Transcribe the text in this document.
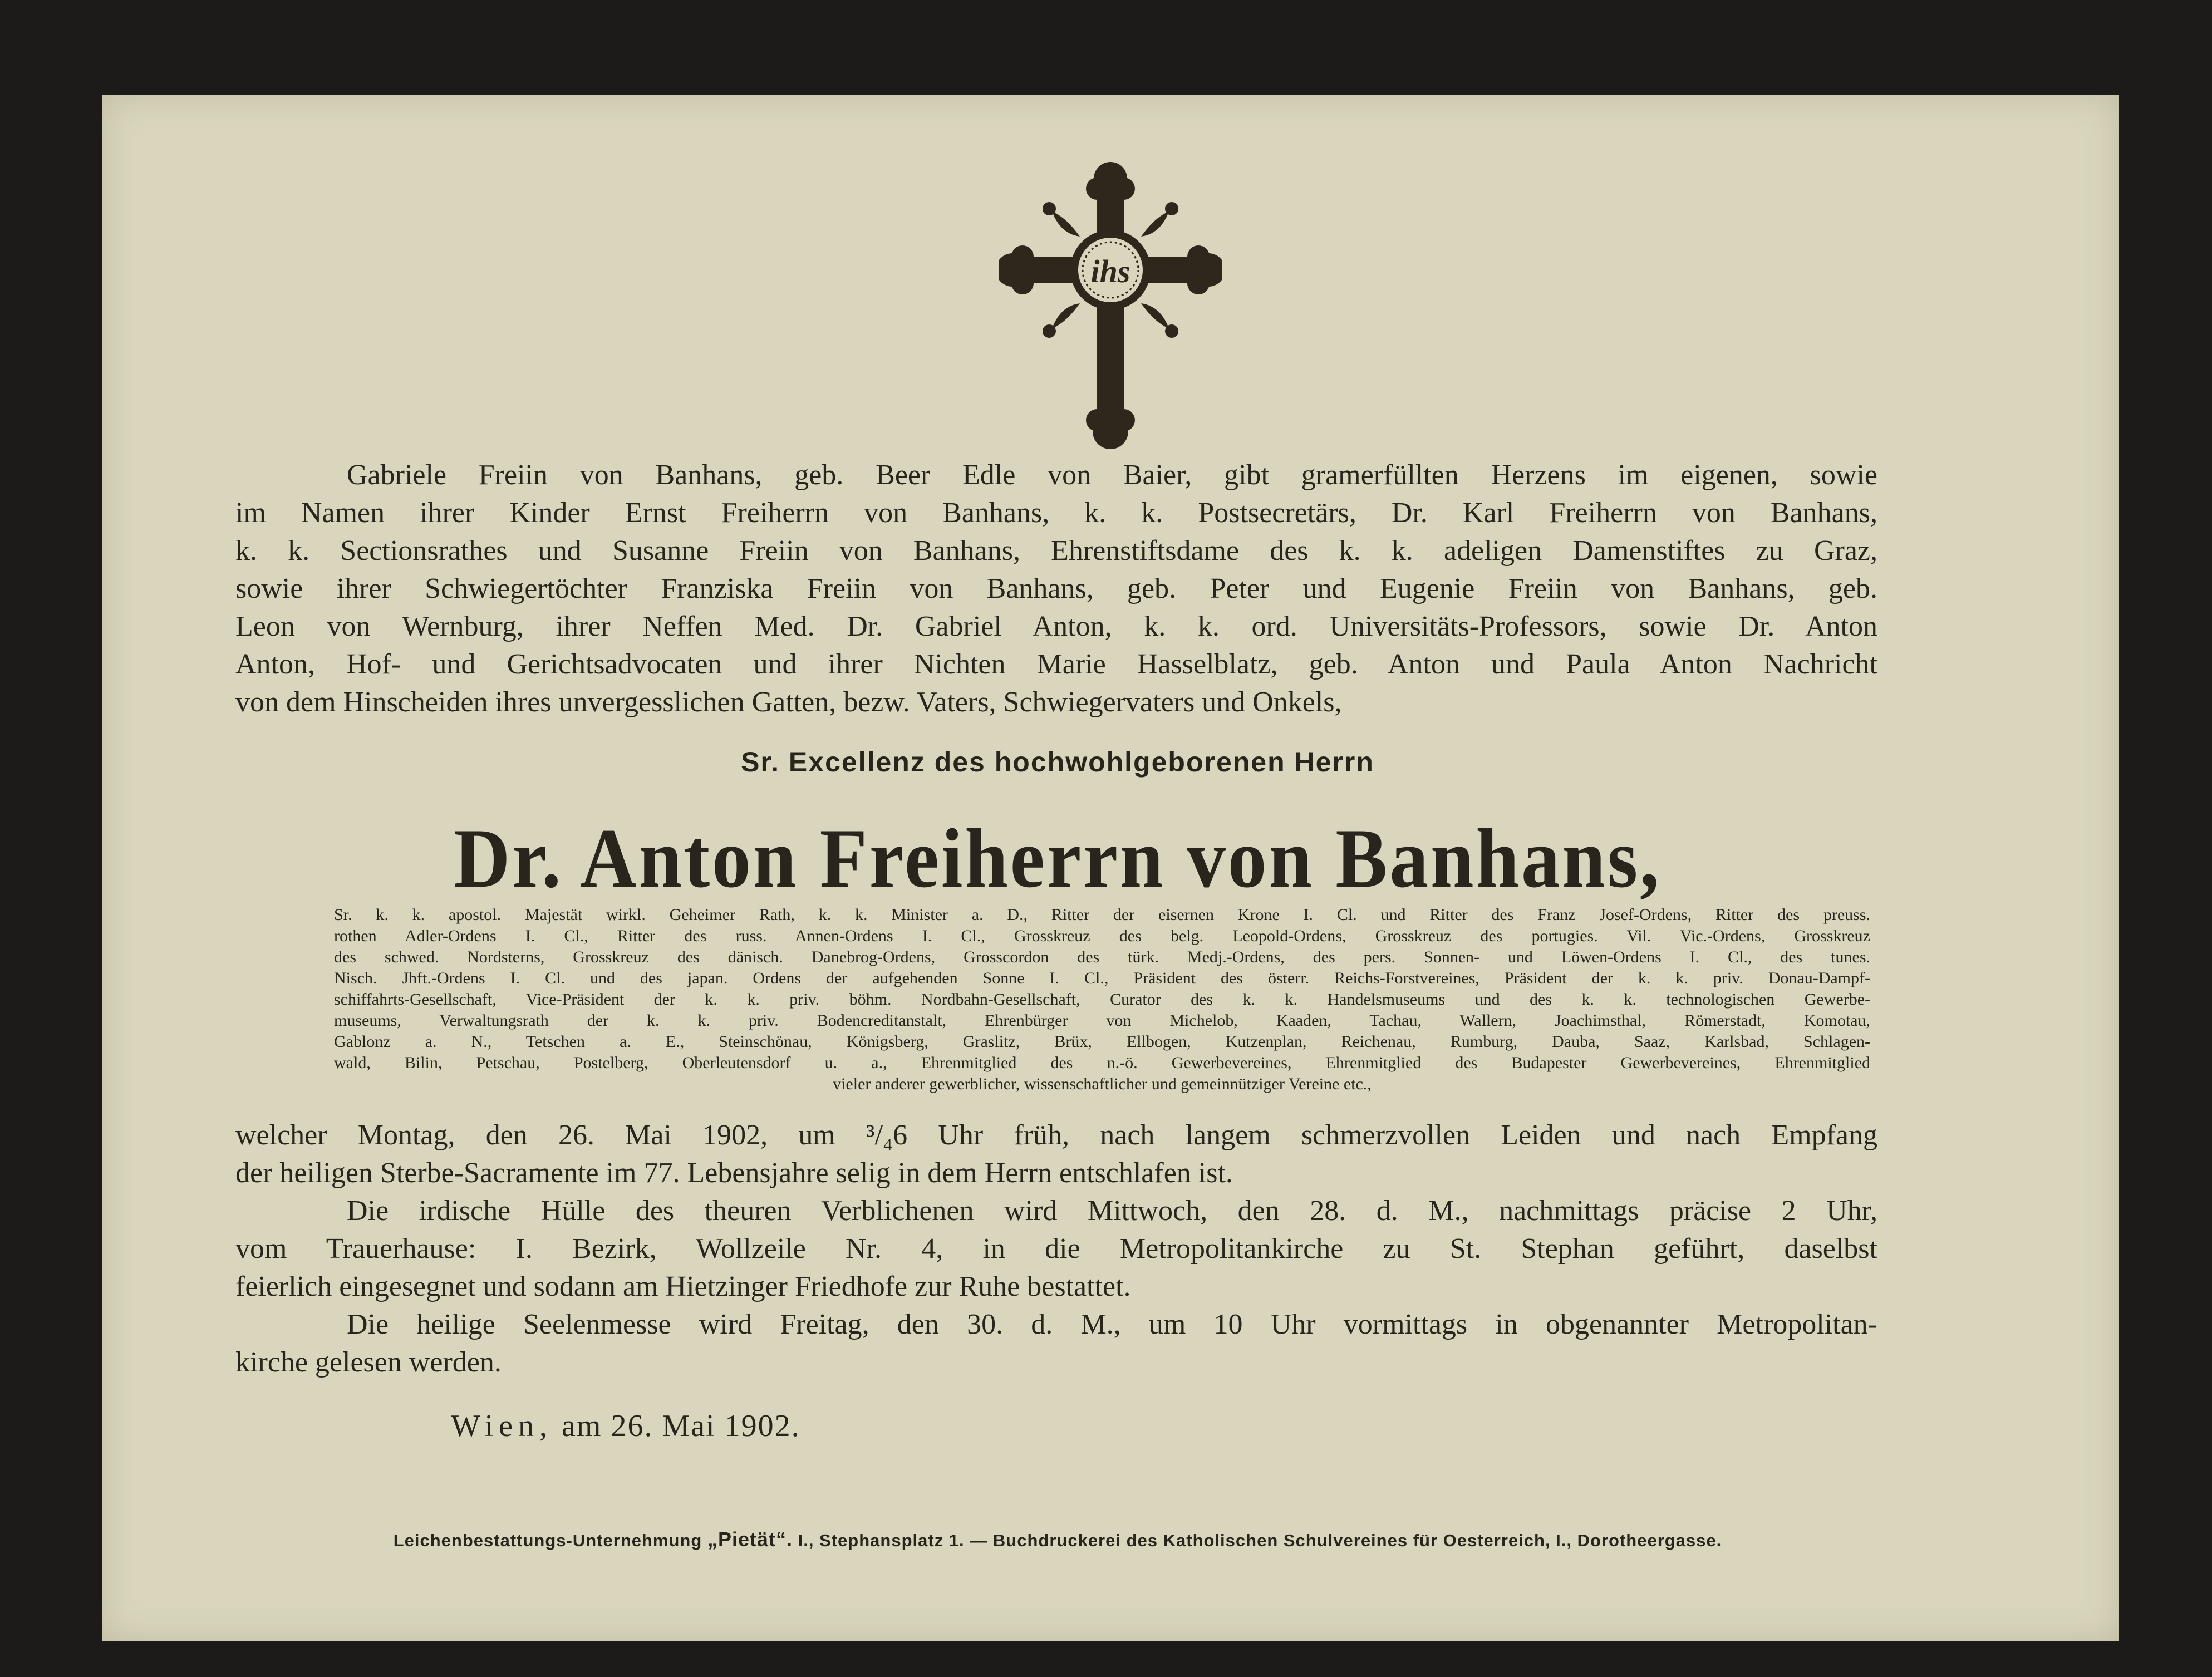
ihs
Gabriele Freiin von Banhans, geb. Beer Edle von Baier, gibt gramerfüllten Herzens im eigenen, sowie
im Namen ihrer Kinder Ernst Freiherrn von Banhans, k. k. Postsecretärs, Dr. Karl Freiherrn von Banhans,
k. k. Sectionsrathes und Susanne Freiin von Banhans, Ehrenstiftsdame des k. k. adeligen Damenstiftes zu Graz,
sowie ihrer Schwiegertöchter Franziska Freiin von Banhans, geb. Peter und Eugenie Freiin von Banhans, geb.
Leon von Wernburg, ihrer Neffen Med. Dr. Gabriel Anton, k. k. ord. Universitäts-Professors, sowie Dr. Anton
Anton, Hof- und Gerichtsadvocaten und ihrer Nichten Marie Hasselblatz, geb. Anton und Paula Anton Nachricht
von dem Hinscheiden ihres unvergesslichen Gatten, bezw. Vaters, Schwiegervaters und Onkels,
Sr. Excellenz des hochwohlgeborenen Herrn
Dr. Anton Freiherrn von Banhans,
Sr. k. k. apostol. Majestät wirkl. Geheimer Rath, k. k. Minister a. D., Ritter der eisernen Krone I. Cl. und Ritter des Franz Josef-Ordens, Ritter des preuss.
rothen Adler-Ordens I. Cl., Ritter des russ. Annen-Ordens I. Cl., Grosskreuz des belg. Leopold-Ordens, Grosskreuz des portugies. Vil. Vic.-Ordens, Grosskreuz
des schwed. Nordsterns, Grosskreuz des dänisch. Danebrog-Ordens, Grosscordon des türk. Medj.-Ordens, des pers. Sonnen- und Löwen-Ordens I. Cl., des tunes.
Nisch. Jhft.-Ordens I. Cl. und des japan. Ordens der aufgehenden Sonne I. Cl., Präsident des österr. Reichs-Forstvereines, Präsident der k. k. priv. Donau-Dampf-
schiffahrts-Gesellschaft, Vice-Präsident der k. k. priv. böhm. Nordbahn-Gesellschaft, Curator des k. k. Handelsmuseums und des k. k. technologischen Gewerbe-
museums, Verwaltungsrath der k. k. priv. Bodencreditanstalt, Ehrenbürger von Michelob, Kaaden, Tachau, Wallern, Joachimsthal, Römerstadt, Komotau,
Gablonz a. N., Tetschen a. E., Steinschönau, Königsberg, Graslitz, Brüx, Ellbogen, Kutzenplan, Reichenau, Rumburg, Dauba, Saaz, Karlsbad, Schlagen-
wald, Bilin, Petschau, Postelberg, Oberleutensdorf u. a., Ehrenmitglied des n.-ö. Gewerbevereines, Ehrenmitglied des Budapester Gewerbevereines, Ehrenmitglied
vieler anderer gewerblicher, wissenschaftlicher und gemeinnütziger Vereine etc.,
welcher Montag, den 26. Mai 1902, um ³/₄6 Uhr früh, nach langem schmerzvollen Leiden und nach Empfang
der heiligen Sterbe-Sacramente im 77. Lebensjahre selig in dem Herrn entschlafen ist.
Die irdische Hülle des theuren Verblichenen wird Mittwoch, den 28. d. M., nachmittags präcise 2 Uhr,
vom Trauerhause: I. Bezirk, Wollzeile Nr. 4, in die Metropolitankirche zu St. Stephan geführt, daselbst
feierlich eingesegnet und sodann am Hietzinger Friedhofe zur Ruhe bestattet.
Die heilige Seelenmesse wird Freitag, den 30. d. M., um 10 Uhr vormittags in obgenannter Metropolitan-
kirche gelesen werden.
Wien, am 26. Mai 1902.
Leichenbestattungs-Unternehmung „Pietät“. I., Stephansplatz 1. — Buchdruckerei des Katholischen Schulvereines für Oesterreich, I., Dorotheergasse.
